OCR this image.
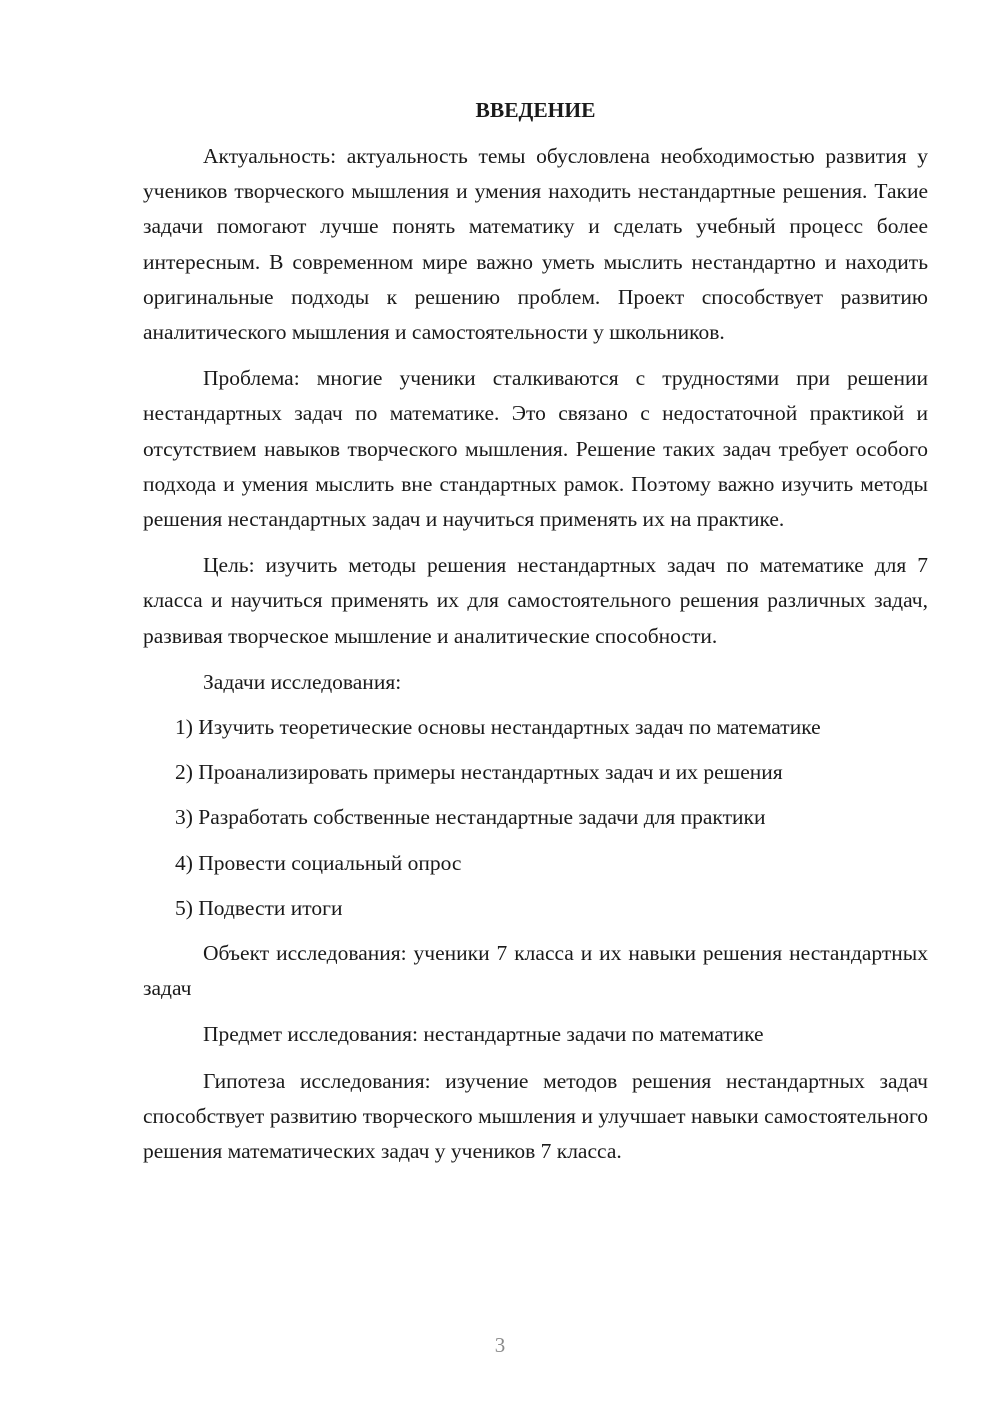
ВВЕДЕНИЕ

Актуальность: актуальность темы обусловлена необходимостью развития у учеников творческого мышления и умения находить нестандартные решения. Такие задачи помогают лучше понять математику и сделать учебный процесс более интересным. В современном мире важно уметь мыслить нестандартно и находить оригинальные подходы к решению проблем. Проект способствует развитию аналитического мышления и самостоятельности у школьников.

Проблема: многие ученики сталкиваются с трудностями при решении нестандартных задач по математике. Это связано с недостаточной практикой и отсутствием навыков творческого мышления. Решение таких задач требует особого подхода и умения мыслить вне стандартных рамок. Поэтому важно изучить методы решения нестандартных задач и научиться применять их на практике.

Цель: изучить методы решения нестандартных задач по математике для 7 класса и научиться применять их для самостоятельного решения различных задач, развивая творческое мышление и аналитические способности.

Задачи исследования:

1) Изучить теоретические основы нестандартных задач по математике
2) Проанализировать примеры нестандартных задач и их решения
3) Разработать собственные нестандартные задачи для практики
4) Провести социальный опрос
5) Подвести итоги

Объект исследования: ученики 7 класса и их навыки решения нестандартных задач

Предмет исследования: нестандартные задачи по математике

Гипотеза исследования: изучение методов решения нестандартных задач способствует развитию творческого мышления и улучшает навыки самостоятельного решения математических задач у учеников 7 класса.

3
